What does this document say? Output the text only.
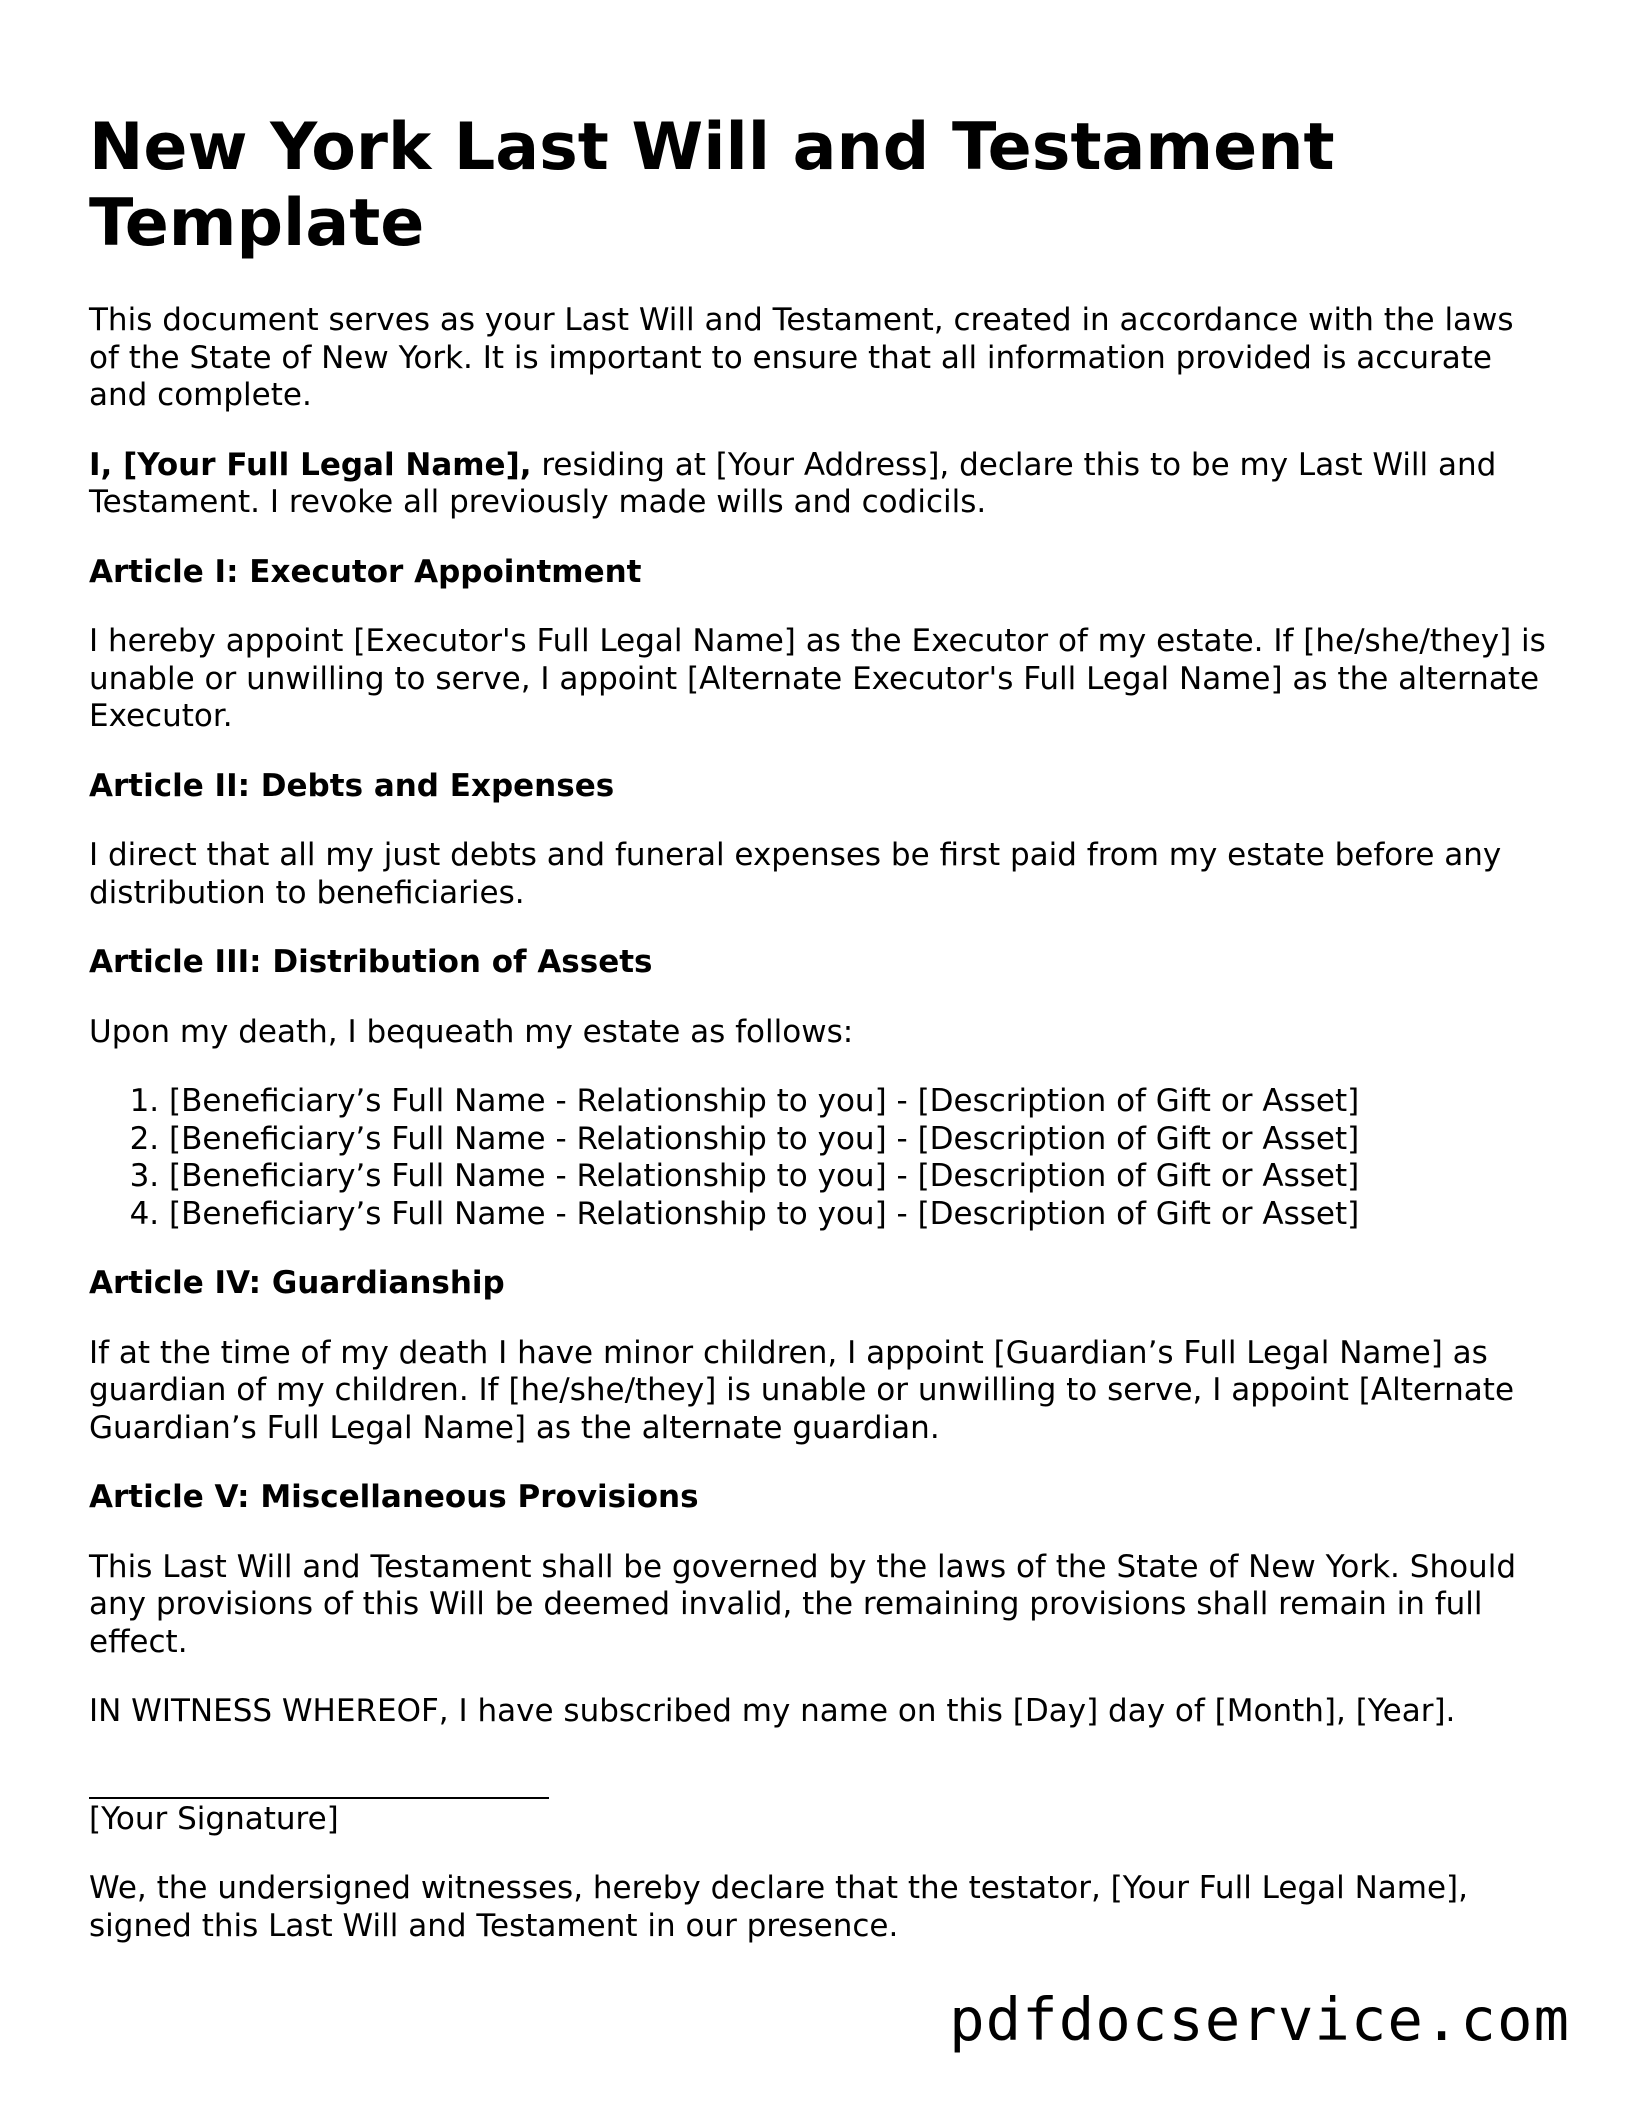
New York Last Will and Testament Template

This document serves as your Last Will and Testament, created in accordance with the laws of the State of New York. It is important to ensure that all information provided is accurate and complete.

I, [Your Full Legal Name], residing at [Your Address], declare this to be my Last Will and Testament. I revoke all previously made wills and codicils.

Article I: Executor Appointment

I hereby appoint [Executor's Full Legal Name] as the Executor of my estate. If [he/she/they] is unable or unwilling to serve, I appoint [Alternate Executor's Full Legal Name] as the alternate Executor.

Article II: Debts and Expenses

I direct that all my just debts and funeral expenses be first paid from my estate before any distribution to beneficiaries.

Article III: Distribution of Assets

Upon my death, I bequeath my estate as follows:

1. [Beneficiary’s Full Name - Relationship to you] - [Description of Gift or Asset]
2. [Beneficiary’s Full Name - Relationship to you] - [Description of Gift or Asset]
3. [Beneficiary’s Full Name - Relationship to you] - [Description of Gift or Asset]
4. [Beneficiary’s Full Name - Relationship to you] - [Description of Gift or Asset]
Article IV: Guardianship

If at the time of my death I have minor children, I appoint [Guardian’s Full Legal Name] as guardian of my children. If [he/she/they] is unable or unwilling to serve, I appoint [Alternate Guardian’s Full Legal Name] as the alternate guardian.

Article V: Miscellaneous Provisions

This Last Will and Testament shall be governed by the laws of the State of New York. Should any provisions of this Will be deemed invalid, the remaining provisions shall remain in full effect.

IN WITNESS WHEREOF, I have subscribed my name on this [Day] day of [Month], [Year].

[Your Signature]

We, the undersigned witnesses, hereby declare that the testator, [Your Full Legal Name], signed this Last Will and Testament in our presence.

pdfdocservice.com
